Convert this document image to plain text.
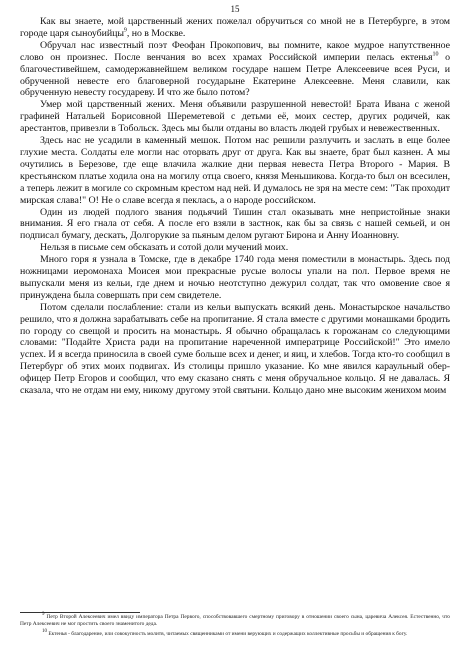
15

Как вы знаете, мой царственный жених пожелал обручиться со мной не в Петербурге, в этом городе царя сыноубийцы$^9$, но в Москве.

Обручал нас известный поэт Феофан Прокопович, вы помните, какое мудрое напутственное слово он произнес. После венчания во всех храмах Российской империи пелась ектенья$^{10}$ о благочестивейшем, самодержавнейшем великом государе нашем Петре Алексеевиче всея Руси, и обрученной невесте его благоверной государыне Екатерине Алексеевне. Меня славили, как обрученную невесту государеву. И что же было потом?

Умер мой царственный жених. Меня объявили разрушенной невестой! Брата Ивана с женой графиней Натальей Борисовной Шереметевой с детьми её, моих сестер, других родичей, как арестантов, привезли в Тобольск. Здесь мы были отданы во власть людей грубых и невежественных.

Здесь нас не усадили в каменный мешок. Потом нас решили разлучить и заслать в еще более глухие места. Солдаты еле могли нас оторвать друг от друга. Как вы знаете, брат был казнен. А мы очутились в Березове, где еще влачила жалкие дни первая невеста Петра Второго - Мария. В крестьянском платье ходила она на могилу отца своего, князя Меньшикова. Когда-то был он всесилен, а теперь лежит в могиле со скромным крестом над ней. И думалось не зря на месте сем: "Так проходит мирская слава!" О! Не о славе всегда я пеклась, а о народе российском.

Один из людей подлого звания подьячий Тишин стал оказывать мне непристойные знаки внимания. Я его гнала от себя. А после его взяли в застнок, как бы за связь с нашей семьей, и он подписал бумагу, дескать, Долгорукие за пьяным делом ругают Бирона и Анну Иоанновну.

Нельзя в письме сем обсказать и сотой доли мучений моих.

Много горя я узнала в Томске, где в декабре 1740 года меня поместили в монастырь. Здесь под ножницами иеромонаха Моисея мои прекрасные русые волосы упали на пол. Первое время не выпускали меня из кельи, где днем и ночью неотступно дежурил солдат, так что омовение свое я принуждена была совершать при сем свидетеле.

Потом сделали послабление: стали из кельи выпускать всякий день. Монастырское начальство решило, что я должна зарабатывать себе на пропитание. Я стала вместе с другими монашками бродить по городу со свещой и просить на монастырь. Я обычно обращалась к горожанам со следующими словами: "Подайте Христа ради на пропитание нареченной императрице Российской!" Это имело успех. И я всегда приносила в своей суме больше всех и денег, и яиц, и хлебов. Тогда кто-то сообщил в Петербург об этих моих подвигах. Из столицы пришло указание. Ко мне явился караульный обер-офицер Петр Егоров и сообщил, что ему сказано снять с меня обручальное кольцо. Я не давалась. Я сказала, что не отдам ни ему, никому другому этой святыни. Кольцо дано мне высоким женихом моим

$^9$ Петр Второй Алексеевич имел ввиду императора Петра Первого, способствовавшего смертному приговору в отношении своего сына, царевича Алексея. Естественно, что Петр Алексеевич не мог простить своего знаменитого деда.

$^{10}$ Ектенья - благодарение, или совокупность молитв, читаемых священниками от имени верующих и содержащих коллективные просьбы и обращения к богу.
